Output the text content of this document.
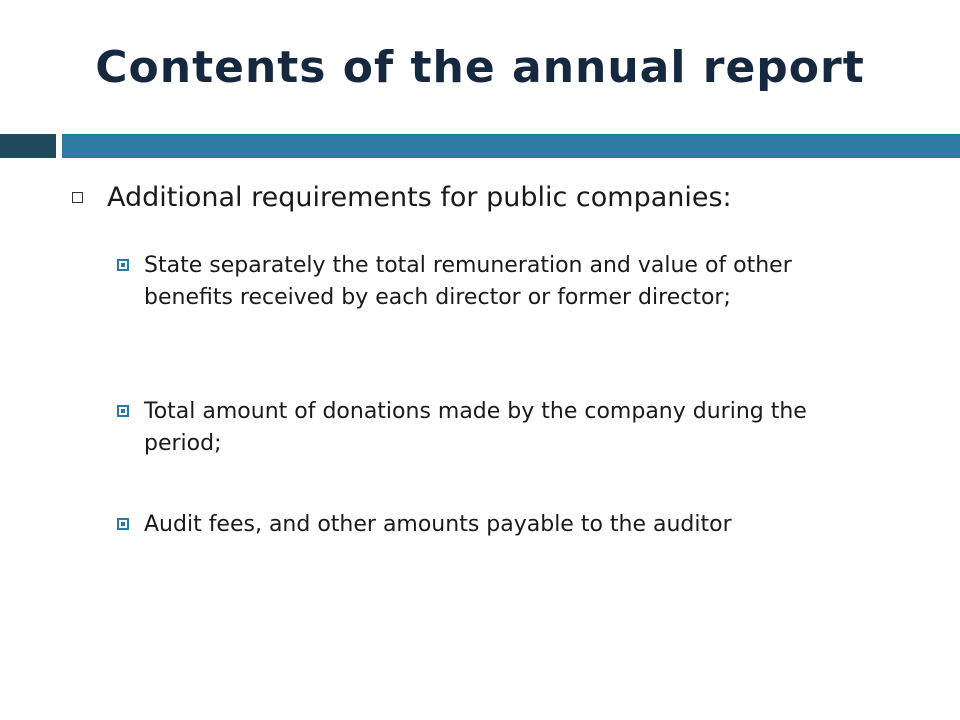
Contents of the annual report
Additional requirements for public companies:
State separately the total remuneration and value of other benefits received by each director or former director;
Total amount of donations made by the company during the period;
Audit fees, and other amounts payable to the auditor
